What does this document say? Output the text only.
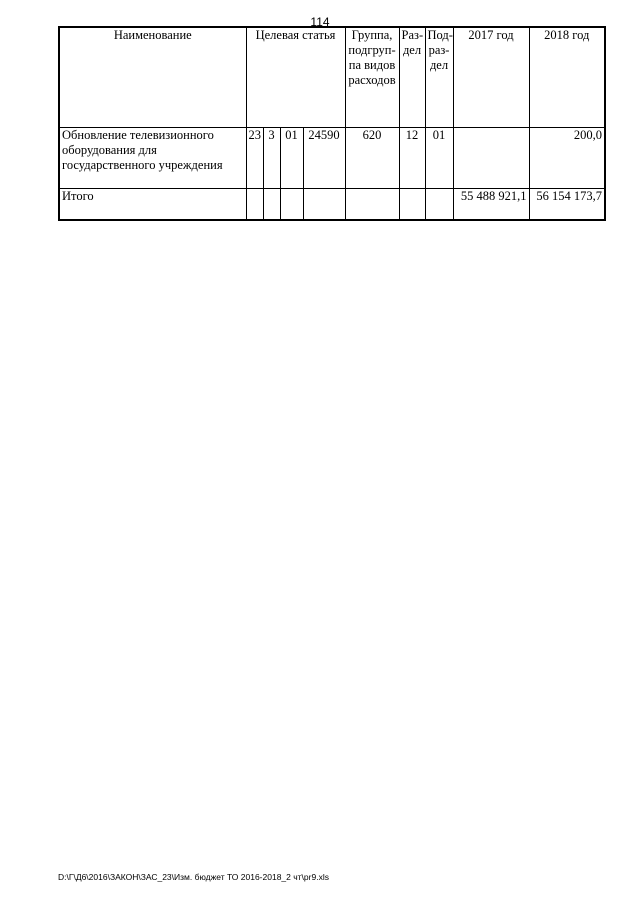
114
Наименование	Целевая статья				Группа, подгруп-па видов расходов	Раз-дел	Под-раз-дел	2017 год	2018 год
Обновление телевизионного оборудования для государственного учреждения	23	3	01	24590	620	12	01		200,0
Итого								55 488 921,1	56 154 173,7
D:\Г\Д6\2016\ЗАКОН\ЗАС_23\Изм. бюджет ТО 2016-2018_2 чт\pr9.xls
